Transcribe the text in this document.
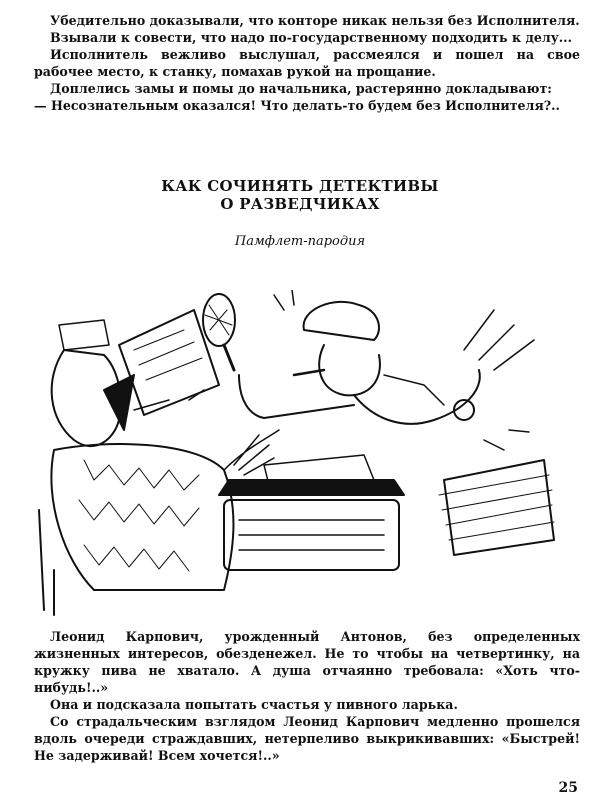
Убедительно доказывали, что конторе никак нельзя без Исполнителя.

Взывали к совести, что надо по-государственному подходить к делу...

Исполнитель вежливо выслушал, рассмеялся и пошел на свое рабочее место, к станку, помахав рукой на прощание.

Доплелись замы и помы до начальника, растерянно докладывают:

— Несознательным оказался! Что делать-то будем без Исполнителя?..

КАК СОЧИНЯТЬ ДЕТЕКТИВЫ
О РАЗВЕДЧИКАХ
Памфлет-пародия

Леонид Карпович, урожденный Антонов, без определенных жизненных интересов, обезденежел. Не то чтобы на четвертинку, на кружку пива не хватало. А душа отчаянно требовала: «Хоть что-нибудь!..»

Она и подсказала попытать счастья у пивного ларька.

Со страдальческим взглядом Леонид Карпович медленно прошелся вдоль очереди страждавших, нетерпеливо выкрикивавших: «Быстрей! Не задерживай! Всем хочется!..»

25
